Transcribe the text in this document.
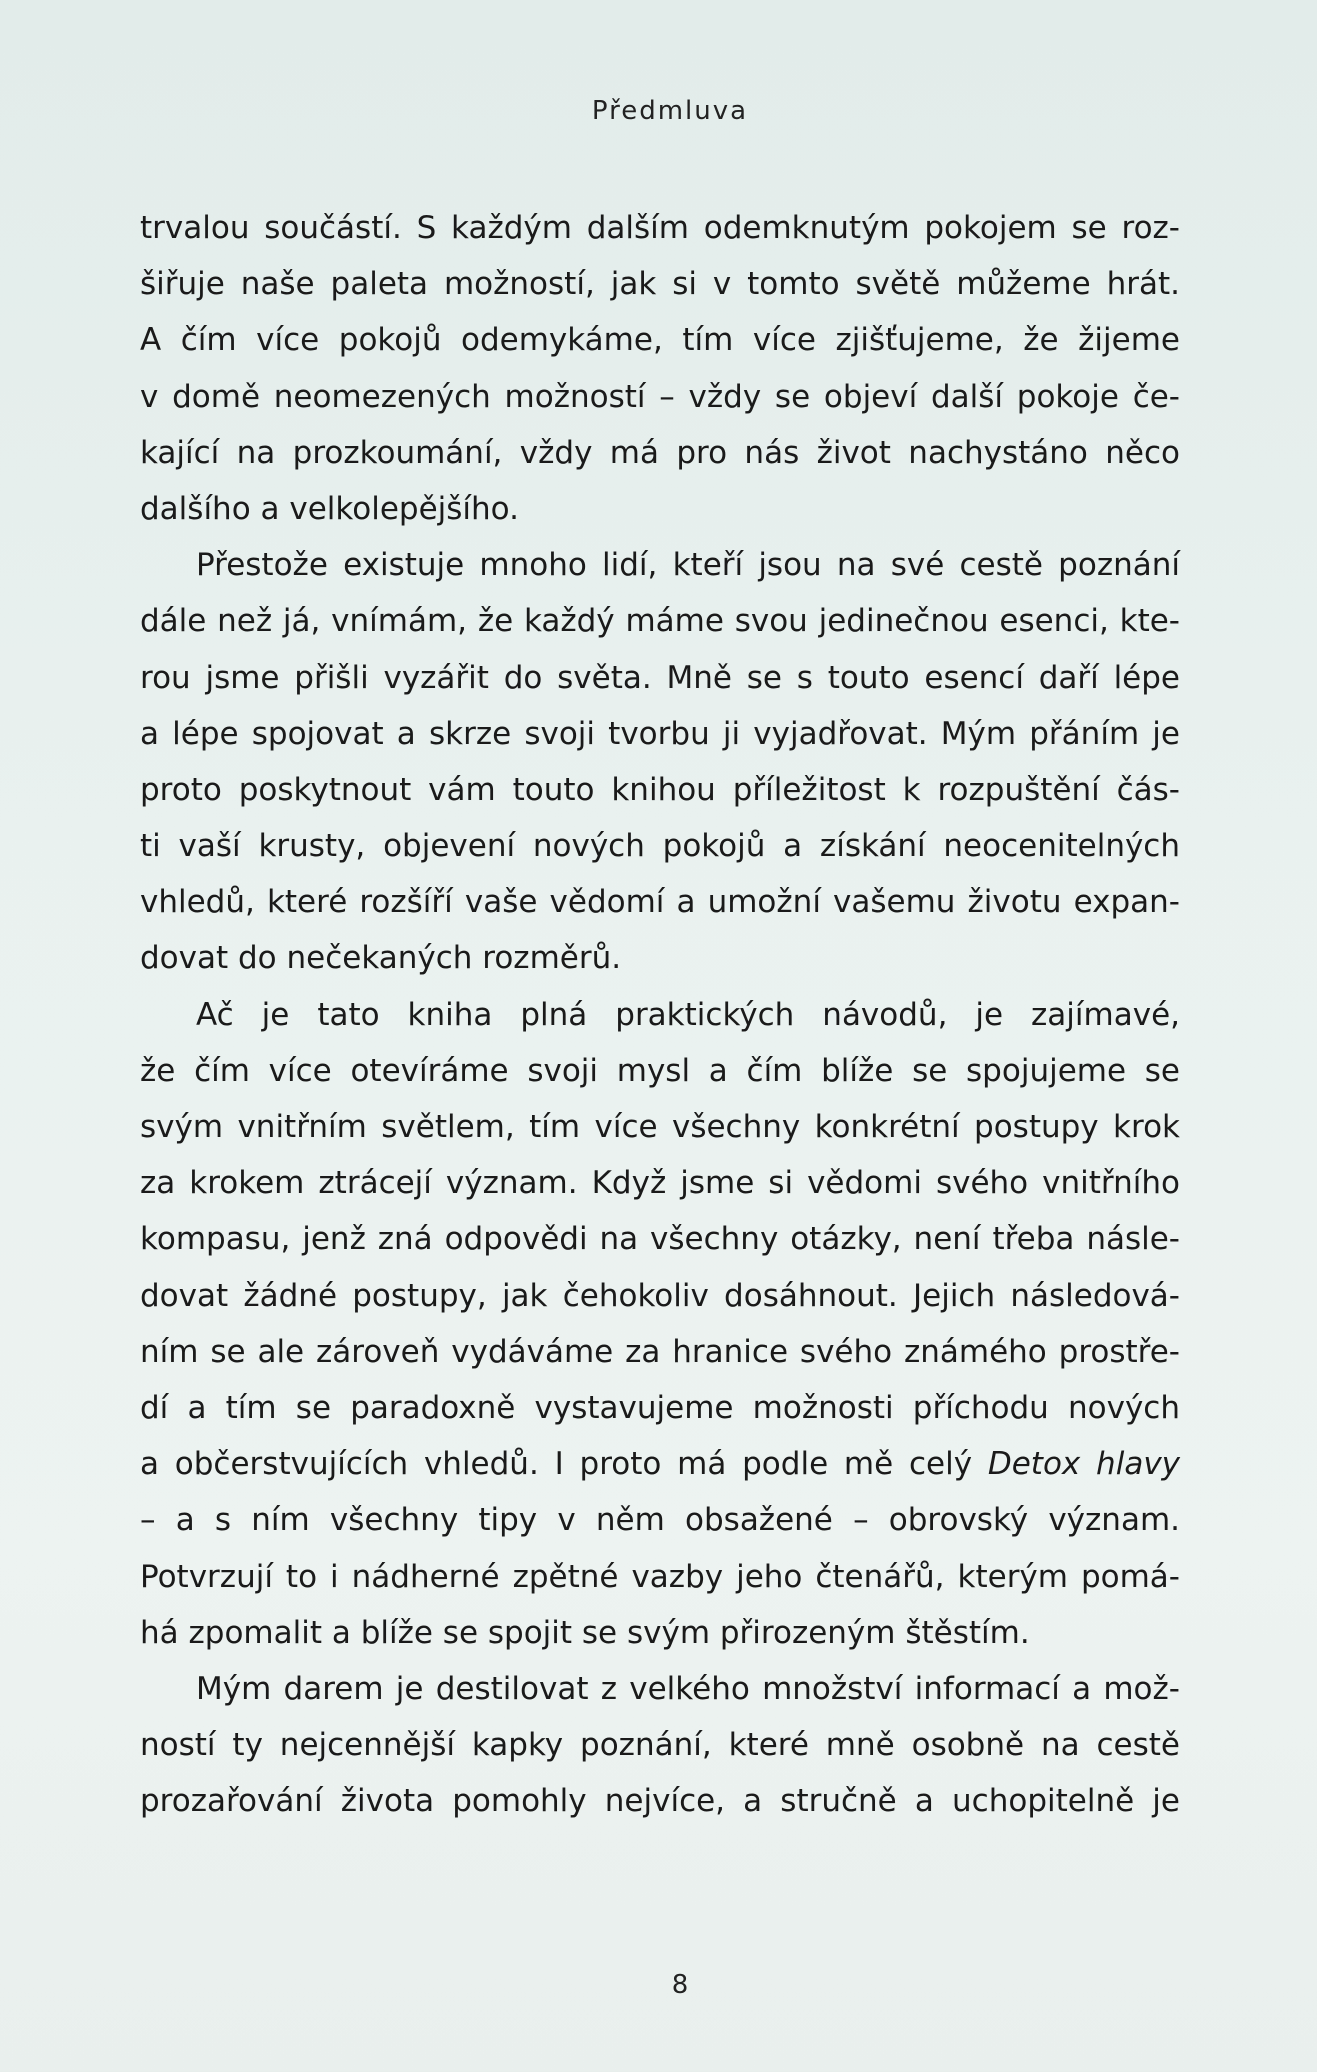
Předmluva
trvalou součástí. S každým dalším odemknutým pokojem se roz-
šiřuje naše paleta možností, jak si v tomto světě můžeme hrát.
A čím více pokojů odemykáme, tím více zjišťujeme, že žijeme
v domě neomezených možností – vždy se objeví další pokoje če-
kající na prozkoumání, vždy má pro nás život nachystáno něco
dalšího a velkolepějšího.
Přestože existuje mnoho lidí, kteří jsou na své cestě poznání
dále než já, vnímám, že každý máme svou jedinečnou esenci, kte-
rou jsme přišli vyzářit do světa. Mně se s touto esencí daří lépe
a lépe spojovat a skrze svoji tvorbu ji vyjadřovat. Mým přáním je
proto poskytnout vám touto knihou příležitost k rozpuštění čás-
ti vaší krusty, objevení nových pokojů a získání neocenitelných
vhledů, které rozšíří vaše vědomí a umožní vašemu životu expan-
dovat do nečekaných rozměrů.
Ač je tato kniha plná praktických návodů, je zajímavé,
že čím více otevíráme svoji mysl a čím blíže se spojujeme se
svým vnitřním světlem, tím více všechny konkrétní postupy krok
za krokem ztrácejí význam. Když jsme si vědomi svého vnitřního
kompasu, jenž zná odpovědi na všechny otázky, není třeba násle-
dovat žádné postupy, jak čehokoliv dosáhnout. Jejich následová-
ním se ale zároveň vydáváme za hranice svého známého prostře-
dí a tím se paradoxně vystavujeme možnosti příchodu nových
a občerstvujících vhledů. I proto má podle mě celý Detox hlavy
– a s ním všechny tipy v něm obsažené – obrovský význam.
Potvrzují to i nádherné zpětné vazby jeho čtenářů, kterým pomá-
há zpomalit a blíže se spojit se svým přirozeným štěstím.
Mým darem je destilovat z velkého množství informací a mož-
ností ty nejcennější kapky poznání, které mně osobně na cestě
prozařování života pomohly nejvíce, a stručně a uchopitelně je
8
